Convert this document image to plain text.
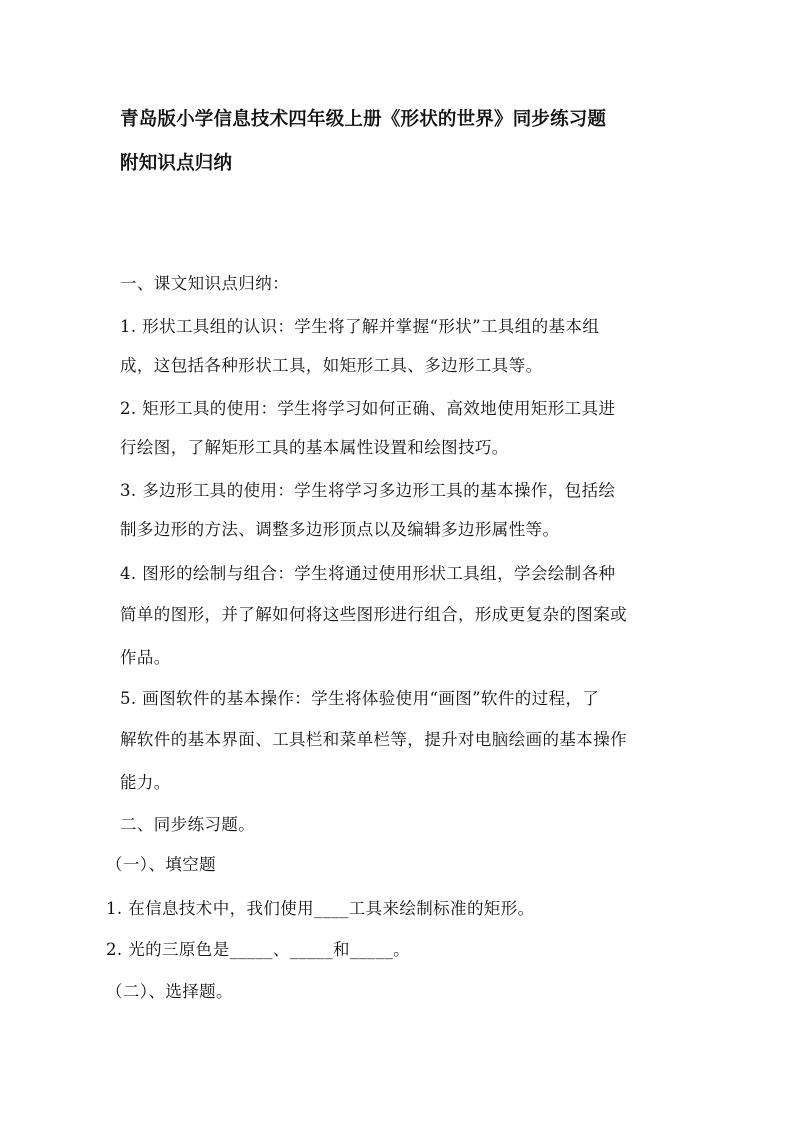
青岛版小学信息技术四年级上册《形状的世界》同步练习题
附知识点归纳
一、课文知识点归纳：
1. 形状工具组的认识：学生将了解并掌握“形状”工具组的基本组
成，这包括各种形状工具，如矩形工具、多边形工具等。
2. 矩形工具的使用：学生将学习如何正确、高效地使用矩形工具进
行绘图，了解矩形工具的基本属性设置和绘图技巧。
3. 多边形工具的使用：学生将学习多边形工具的基本操作，包括绘
制多边形的方法、调整多边形顶点以及编辑多边形属性等。
4. 图形的绘制与组合：学生将通过使用形状工具组，学会绘制各种
简单的图形，并了解如何将这些图形进行组合，形成更复杂的图案或
作品。
5. 画图软件的基本操作：学生将体验使用“画图”软件的过程，了
解软件的基本界面、工具栏和菜单栏等，提升对电脑绘画的基本操作
能力。
二、同步练习题。
（一）、填空题
1. 在信息技术中，我们使用____工具来绘制标准的矩形。
2. 光的三原色是_____、_____和_____。
（二）、选择题。
